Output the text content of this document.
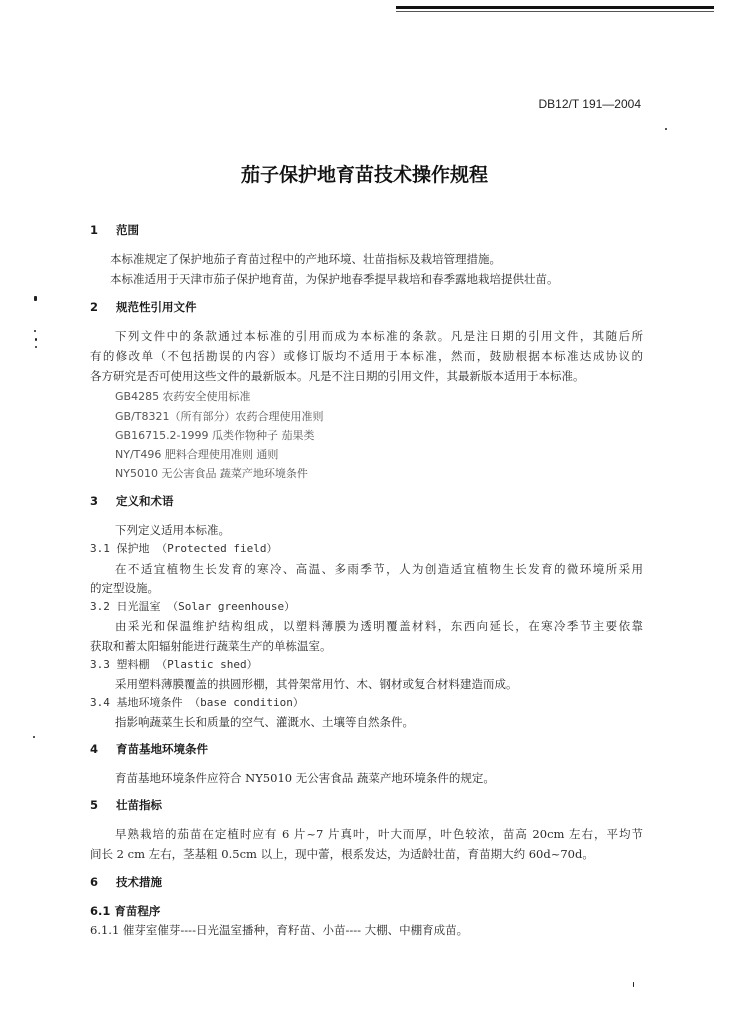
DB12/T 191—2004
茄子保护地育苗技术操作规程
1 范围
本标准规定了保护地茄子育苗过程中的产地环境、壮苗指标及栽培管理措施。
本标准适用于天津市茄子保护地育苗，为保护地春季提早栽培和春季露地栽培提供壮苗。
2 规范性引用文件
下列文件中的条款通过本标准的引用而成为本标准的条款。凡是注日期的引用文件，其随后所
有的修改单（不包括勘误的内容）或修订版均不适用于本标准，然而，鼓励根据本标准达成协议的
各方研究是否可使用这些文件的最新版本。凡是不注日期的引用文件，其最新版本适用于本标准。
GB4285 农药安全使用标准
GB/T8321（所有部分）农药合理使用准则
GB16715.2-1999 瓜类作物种子 茄果类
NY/T496 肥料合理使用准则 通则
NY5010 无公害食品 蔬菜产地环境条件
3 定义和术语
下列定义适用本标准。
3.1 保护地 （Protected field）
在不适宜植物生长发育的寒冷、高温、多雨季节，人为创造适宜植物生长发育的微环境所采用
的定型设施。
3.2 日光温室 （Solar greenhouse）
由采光和保温维护结构组成，以塑料薄膜为透明覆盖材料，东西向延长，在寒冷季节主要依靠
获取和蓄太阳辐射能进行蔬菜生产的单栋温室。
3.3 塑料棚 （Plastic shed）
采用塑料薄膜覆盖的拱圆形棚，其骨架常用竹、木、钢材或复合材料建造而成。
3.4 基地环境条件 （base condition）
指影响蔬菜生长和质量的空气、灌溉水、土壤等自然条件。
4 育苗基地环境条件
育苗基地环境条件应符合 NY5010 无公害食品 蔬菜产地环境条件的规定。
5 壮苗指标
早熟栽培的茄苗在定植时应有 6 片~7 片真叶，叶大而厚，叶色较浓，苗高 20cm 左右，平均节
间长 2 cm 左右，茎基粗 0.5cm 以上，现中蕾，根系发达，为适龄壮苗，育苗期大约 60d~70d。
6 技术措施
6.1 育苗程序
6.1.1 催芽室催芽----日光温室播种，育籽苗、小苗---- 大棚、中棚育成苗。
